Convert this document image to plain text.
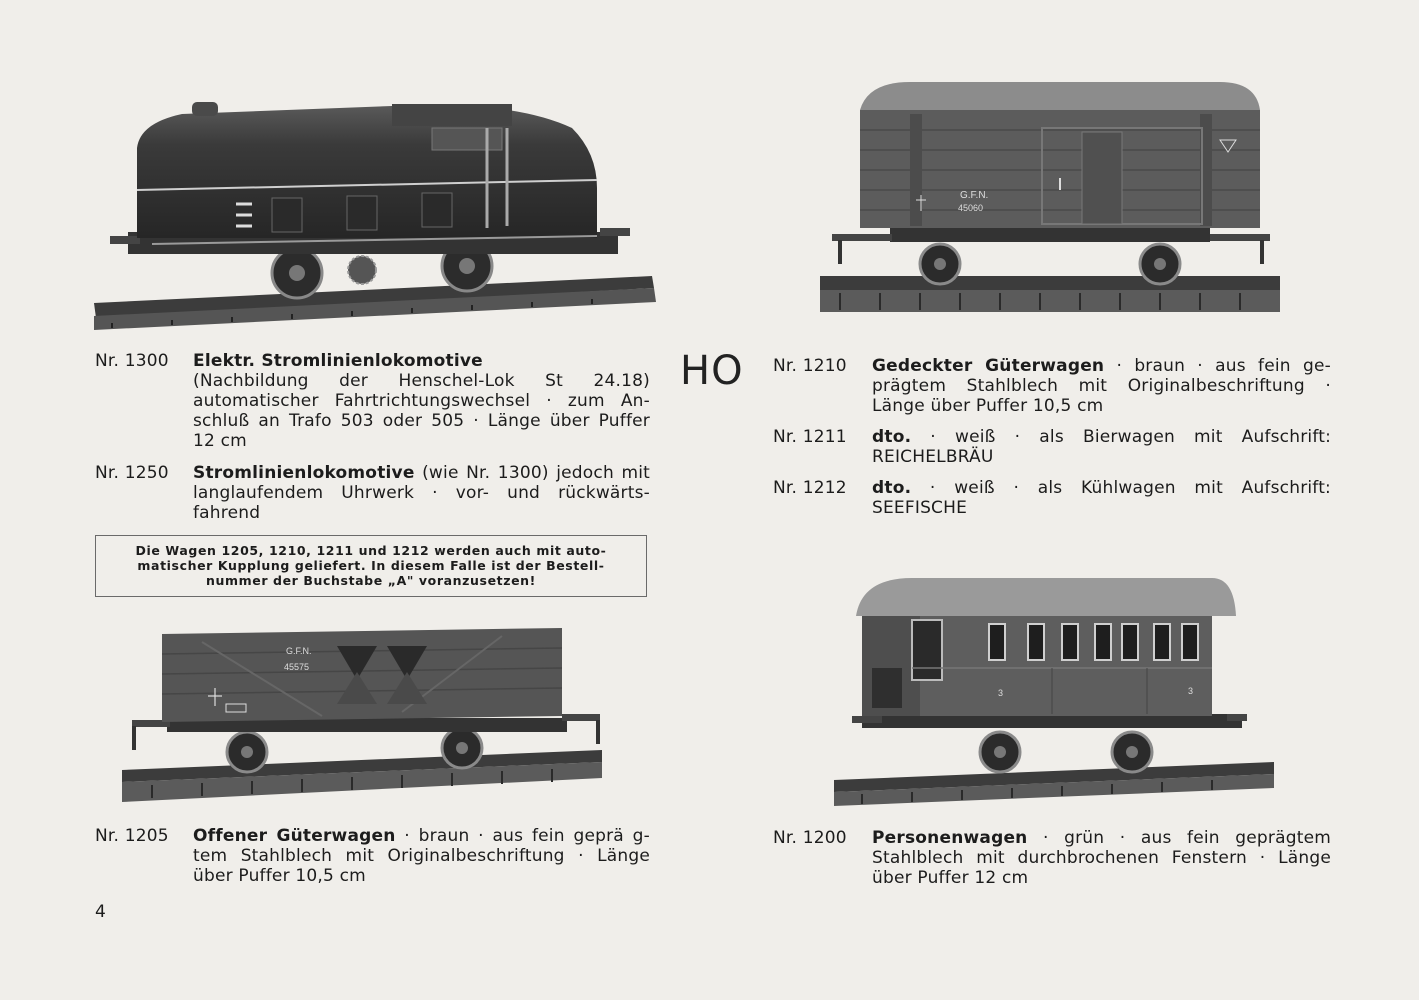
G.F.N.
45060
G.F.N.
45575
3	3
HO
Nr. 1300 Elektr. Stromlinienlokomotive
(Nachbildung der Henschel-Lok St 24.18)
automatischer Fahrtrichtungswechsel · zum An-
schluß an Trafo 503 oder 505 · Länge über Puffer
12 cm
Nr. 1250 Stromlinienlokomotive (wie Nr. 1300) jedoch mit
langlaufendem Uhrwerk · vor- und rückwärts-
fahrend
Die Wagen 1205, 1210, 1211 und 1212 werden auch mit auto-
matischer Kupplung geliefert. In diesem Falle ist der Bestell-
nummer der Buchstabe „A" voranzusetzen!
Nr. 1205 Offener Güterwagen · braun · aus fein geprä g-
tem Stahlblech mit Originalbeschriftung · Länge
über Puffer 10,5 cm
Nr. 1210 Gedeckter Güterwagen · braun · aus fein ge-
prägtem Stahlblech mit Originalbeschriftung ·
Länge über Puffer 10,5 cm
Nr. 1211 dto. · weiß · als Bierwagen mit Aufschrift:
REICHELBRÄU
Nr. 1212 dto. · weiß · als Kühlwagen mit Aufschrift:
SEEFISCHE
Nr. 1200 Personenwagen · grün · aus fein geprägtem
Stahlblech mit durchbrochenen Fenstern · Länge
über Puffer 12 cm
4
